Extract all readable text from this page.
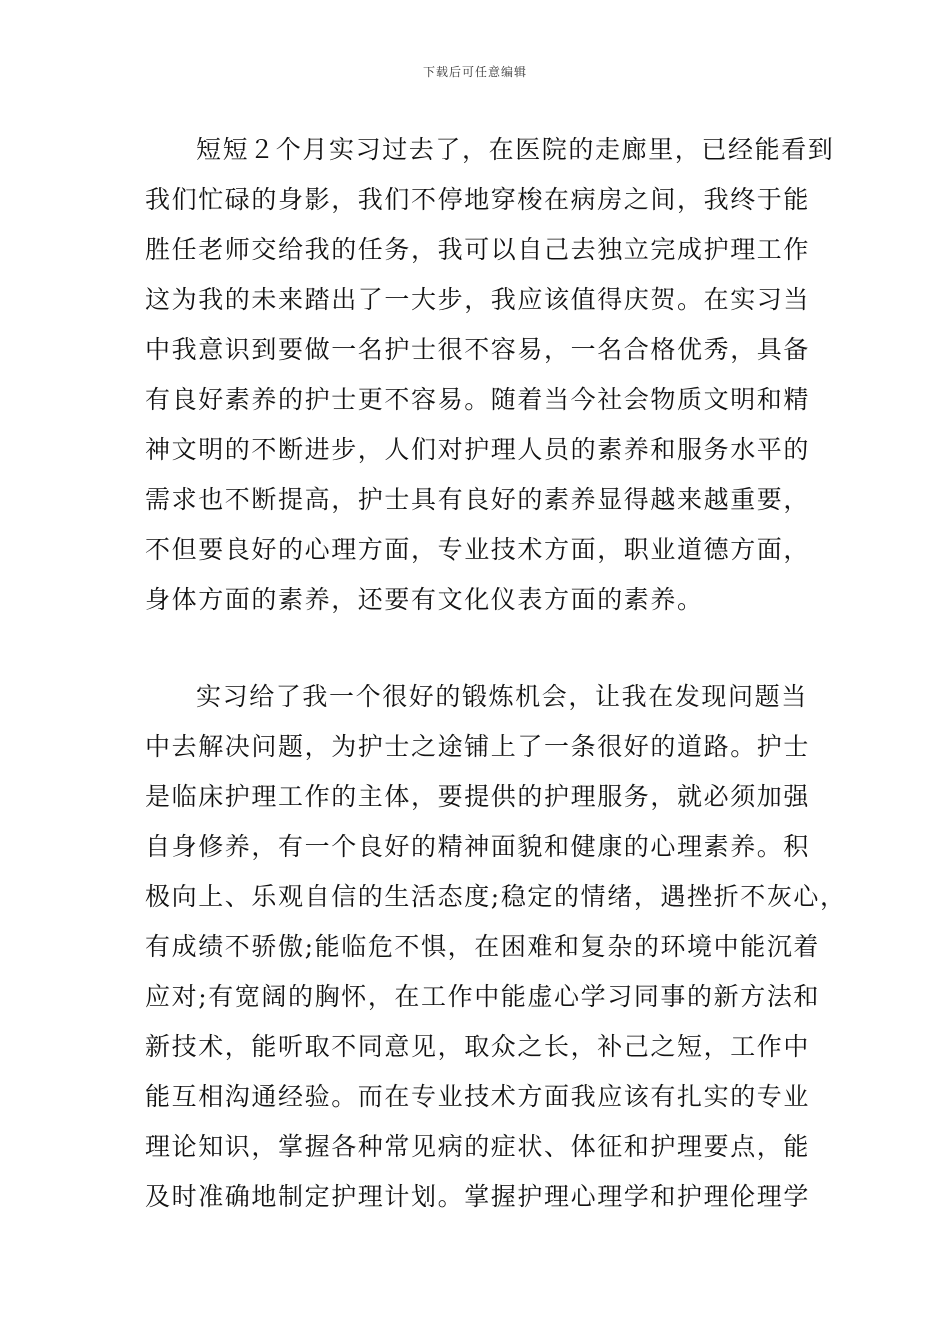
下载后可任意编辑
短短２个月实习过去了，在医院的走廊里，已经能看到
我们忙碌的身影，我们不停地穿梭在病房之间，我终于能
胜任老师交给我的任务，我可以自己去独立完成护理工作
这为我的未来踏出了一大步，我应该值得庆贺。在实习当
中我意识到要做一名护士很不容易，一名合格优秀，具备
有良好素养的护士更不容易。随着当今社会物质文明和精
神文明的不断进步，人们对护理人员的素养和服务水平的
需求也不断提高，护士具有良好的素养显得越来越重要，
不但要良好的心理方面，专业技术方面，职业道德方面，
身体方面的素养，还要有文化仪表方面的素养。
实习给了我一个很好的锻炼机会，让我在发现问题当
中去解决问题，为护士之途铺上了一条很好的道路。护士
是临床护理工作的主体，要提供的护理服务，就必须加强
自身修养，有一个良好的精神面貌和健康的心理素养。积
极向上、乐观自信的生活态度;稳定的情绪，遇挫折不灰心，
有成绩不骄傲;能临危不惧，在困难和复杂的环境中能沉着
应对;有宽阔的胸怀，在工作中能虚心学习同事的新方法和
新技术，能听取不同意见，取众之长，补己之短，工作中
能互相沟通经验。而在专业技术方面我应该有扎实的专业
理论知识，掌握各种常见病的症状、体征和护理要点，能
及时准确地制定护理计划。掌握护理心理学和护理伦理学
